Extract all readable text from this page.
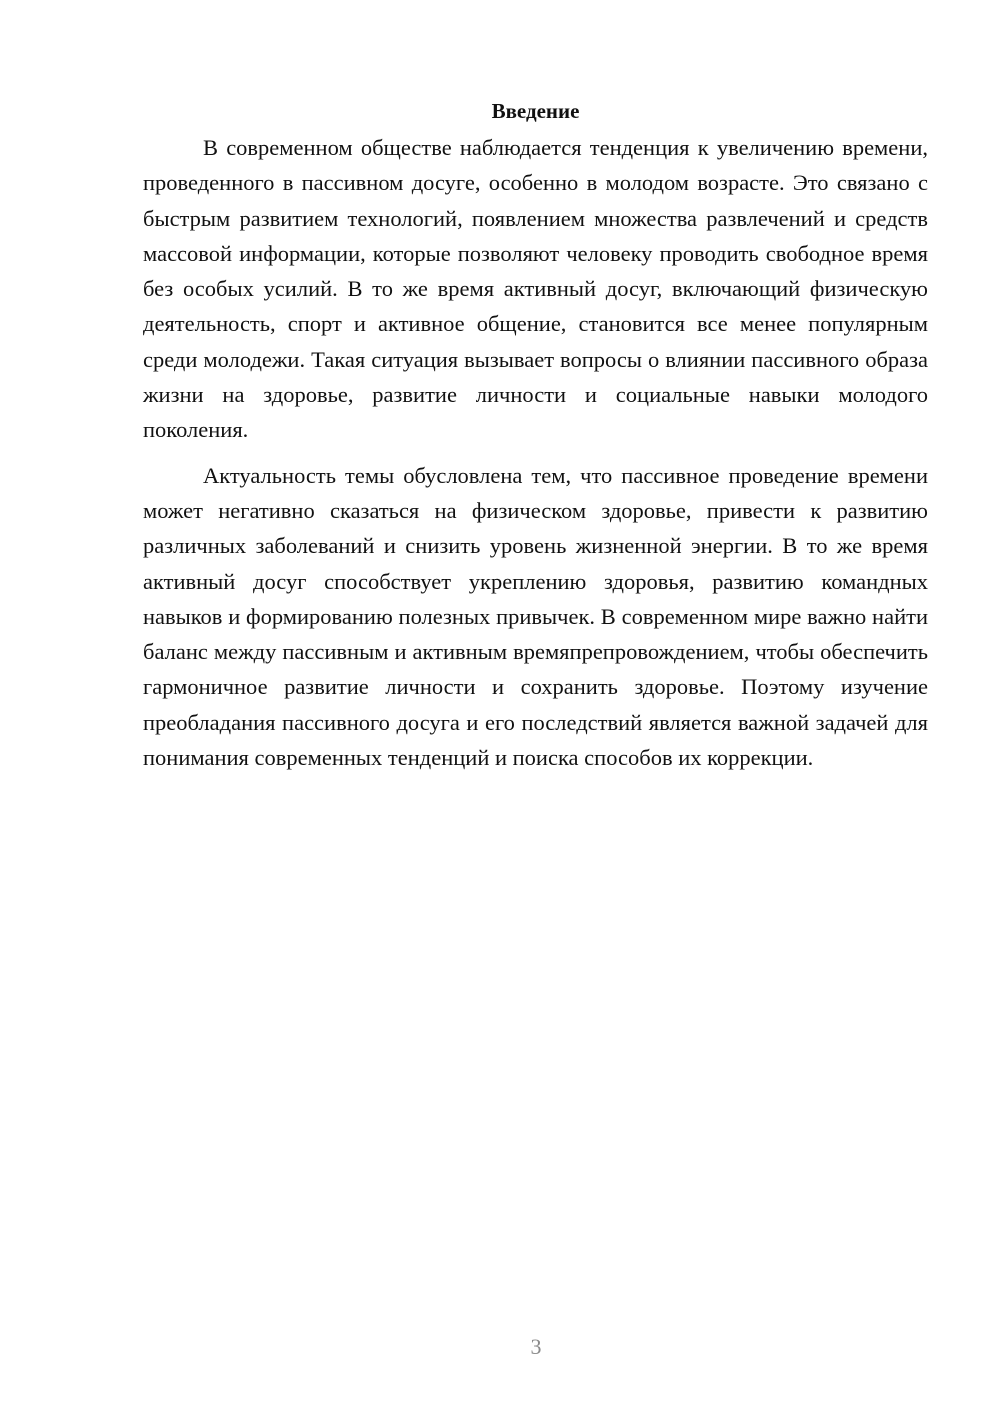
Введение

В современном обществе наблюдается тенденция к увеличению времени, проведенного в пассивном досуге, особенно в молодом возрасте. Это связано с быстрым развитием технологий, появлением множества развлечений и средств массовой информации, которые позволяют человеку проводить свободное время без особых усилий. В то же время активный досуг, включающий физическую деятельность, спорт и активное общение, становится все менее популярным среди молодежи. Такая ситуация вызывает вопросы о влиянии пассивного образа жизни на здоровье, развитие личности и социальные навыки молодого поколения.

Актуальность темы обусловлена тем, что пассивное проведение времени может негативно сказаться на физическом здоровье, привести к развитию различных заболеваний и снизить уровень жизненной энергии. В то же время активный досуг способствует укреплению здоровья, развитию командных навыков и формированию полезных привычек. В современном мире важно найти баланс между пассивным и активным времяпрепровождением, чтобы обеспечить гармоничное развитие личности и сохранить здоровье. Поэтому изучение преобладания пассивного досуга и его последствий является важной задачей для понимания современных тенденций и поиска способов их коррекции.

3
